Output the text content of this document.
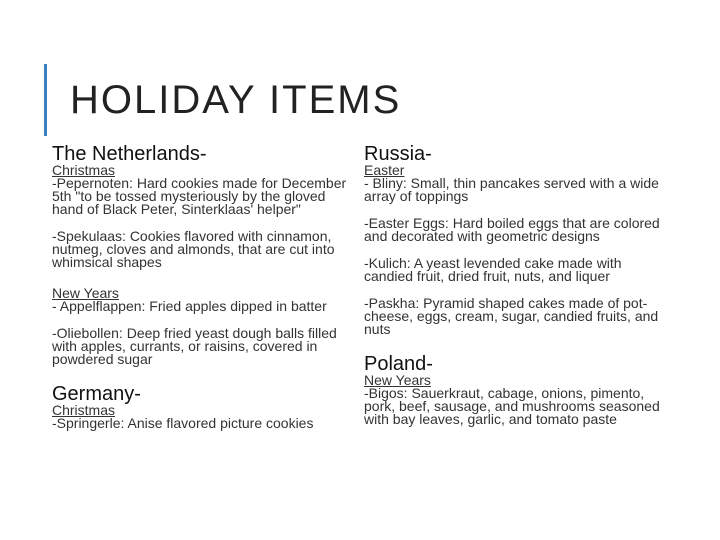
HOLIDAY ITEMS
The Netherlands-
Christmas

-Pepernoten: Hard cookies made for December 5th "to be tossed mysteriously by the gloved hand of Black Peter, Sinterklaas' helper"

-Spekulaas: Cookies flavored with cinnamon, nutmeg, cloves and almonds, that are cut into whimsical shapes

New Years

- Appelflappen: Fried apples dipped in batter

-Oliebollen: Deep fried yeast dough balls filled with apples, currants, or raisins, covered in powdered sugar

Germany-
Christmas

-Springerle: Anise flavored picture cookies

Russia-
Easter

- Bliny: Small, thin pancakes served with a wide array of toppings

-Easter Eggs: Hard boiled eggs that are colored and decorated with geometric designs

-Kulich: A yeast levended cake made with candied fruit, dried fruit, nuts, and liquer

-Paskha: Pyramid shaped cakes made of pot-cheese, eggs, cream, sugar, candied fruits, and nuts

Poland-
New Years

-Bigos: Sauerkraut, cabage, onions, pimento, pork, beef, sausage, and mushrooms seasoned with bay leaves, garlic, and tomato paste
